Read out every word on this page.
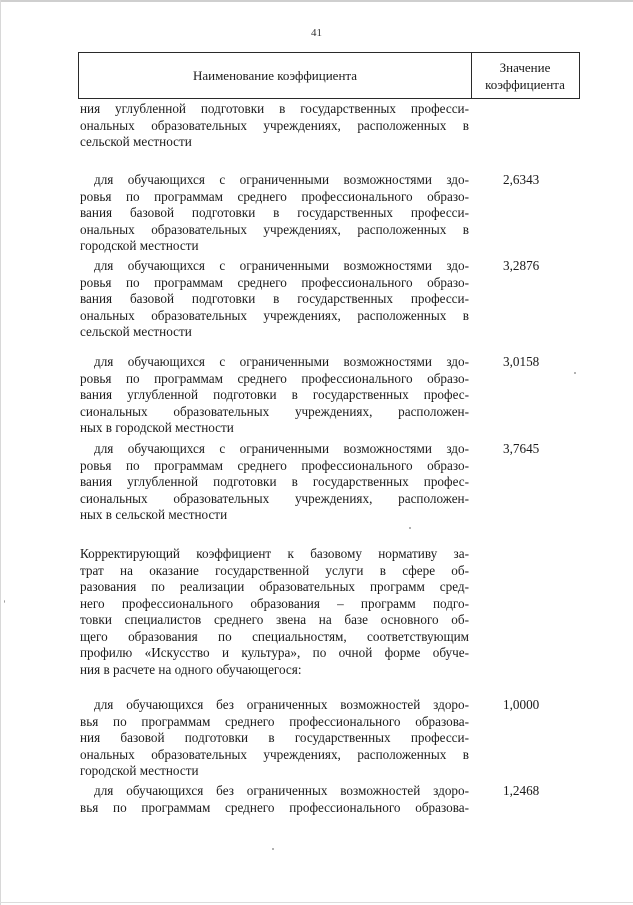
41
Наименование коэффициента
Значение
коэффициента
ния углубленной подготовки в государственных професси-
ональных образовательных учреждениях, расположенных в
сельской местности
для обучающихся с ограниченными возможностями здо-
ровья по программам среднего профессионального образо-
вания базовой подготовки в государственных професси-
ональных образовательных учреждениях, расположенных в
городской местности
2,6343
для обучающихся с ограниченными возможностями здо-
ровья по программам среднего профессионального образо-
вания базовой подготовки в государственных професси-
ональных образовательных учреждениях, расположенных в
сельской местности
3,2876
для обучающихся с ограниченными возможностями здо-
ровья по программам среднего профессионального образо-
вания углубленной подготовки в государственных профес-
сиональных образовательных учреждениях, расположен-
ных в городской местности
3,0158
для обучающихся с ограниченными возможностями здо-
ровья по программам среднего профессионального образо-
вания углубленной подготовки в государственных профес-
сиональных образовательных учреждениях, расположен-
ных в сельской местности
3,7645
Корректирующий коэффициент к базовому нормативу за-
трат на оказание государственной услуги в сфере об-
разования по реализации образовательных программ сред-
него профессионального образования – программ подго-
товки специалистов среднего звена на базе основного об-
щего образования по специальностям, соответствующим
профилю «Искусство и культура», по очной форме обуче-
ния в расчете на одного обучающегося:
для обучающихся без ограниченных возможностей здоро-
вья по программам среднего профессионального образова-
ния базовой подготовки в государственных професси-
ональных образовательных учреждениях, расположенных в
городской местности
1,0000
для обучающихся без ограниченных возможностей здоро-
вья по программам среднего профессионального образова-
1,2468
